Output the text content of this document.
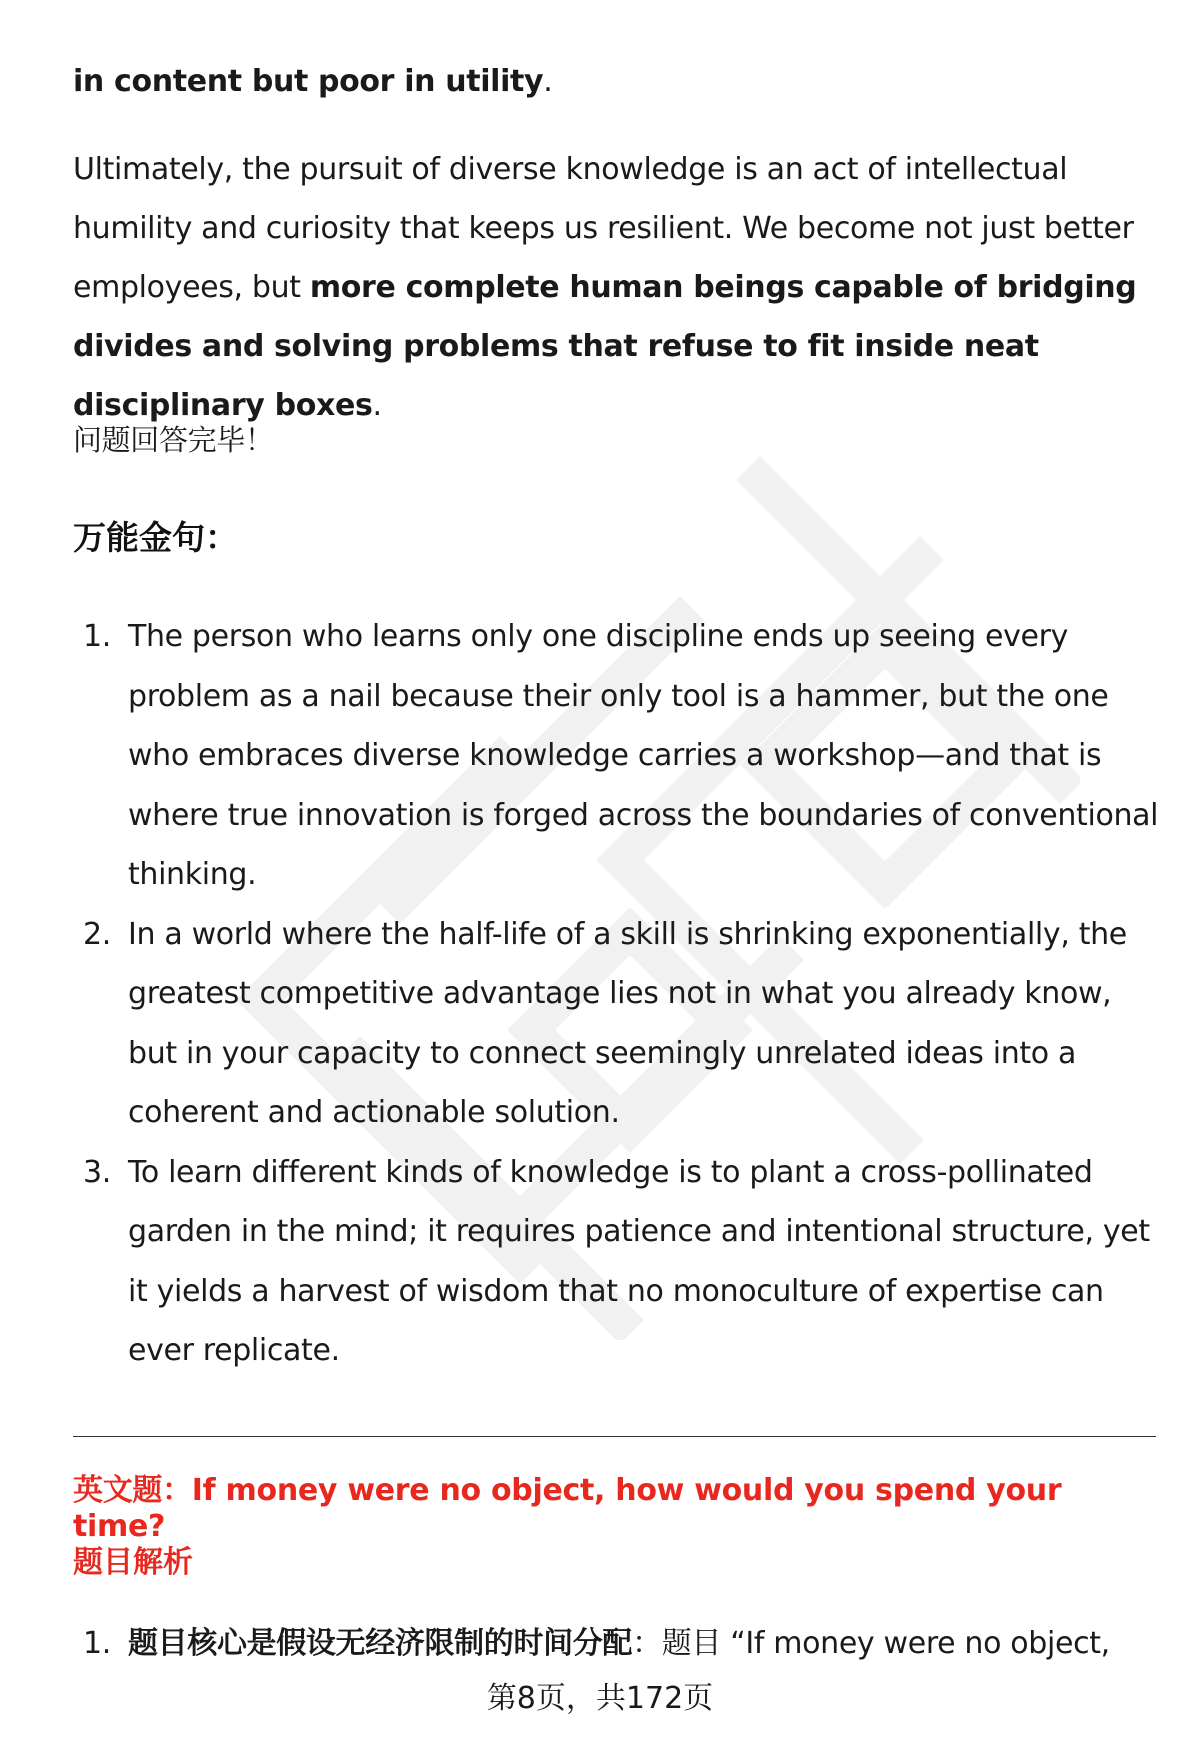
in content but poor in utility.

Ultimately, the pursuit of diverse knowledge is an act of intellectual humility and curiosity that keeps us resilient. We become not just better employees, but more complete human beings capable of bridging divides and solving problems that refuse to fit inside neat disciplinary boxes.

问题回答完毕！

万能金句：
1. The person who learns only one discipline ends up seeing every problem as a nail because their only tool is a hammer, but the one who embraces diverse knowledge carries a workshop—and that is where true innovation is forged across the boundaries of conventional thinking.
2. In a world where the half-life of a skill is shrinking exponentially, the greatest competitive advantage lies not in what you already know, but in your capacity to connect seemingly unrelated ideas into a coherent and actionable solution.
3. To learn different kinds of knowledge is to plant a cross-pollinated garden in the mind; it requires patience and intentional structure, yet it yields a harvest of wisdom that no monoculture of expertise can ever replicate.
英文题：If money were no object, how would you spend your time?
题目解析
1. 题目核心是假设无经济限制的时间分配：题目 “If money were no object,
第8页，共172页
